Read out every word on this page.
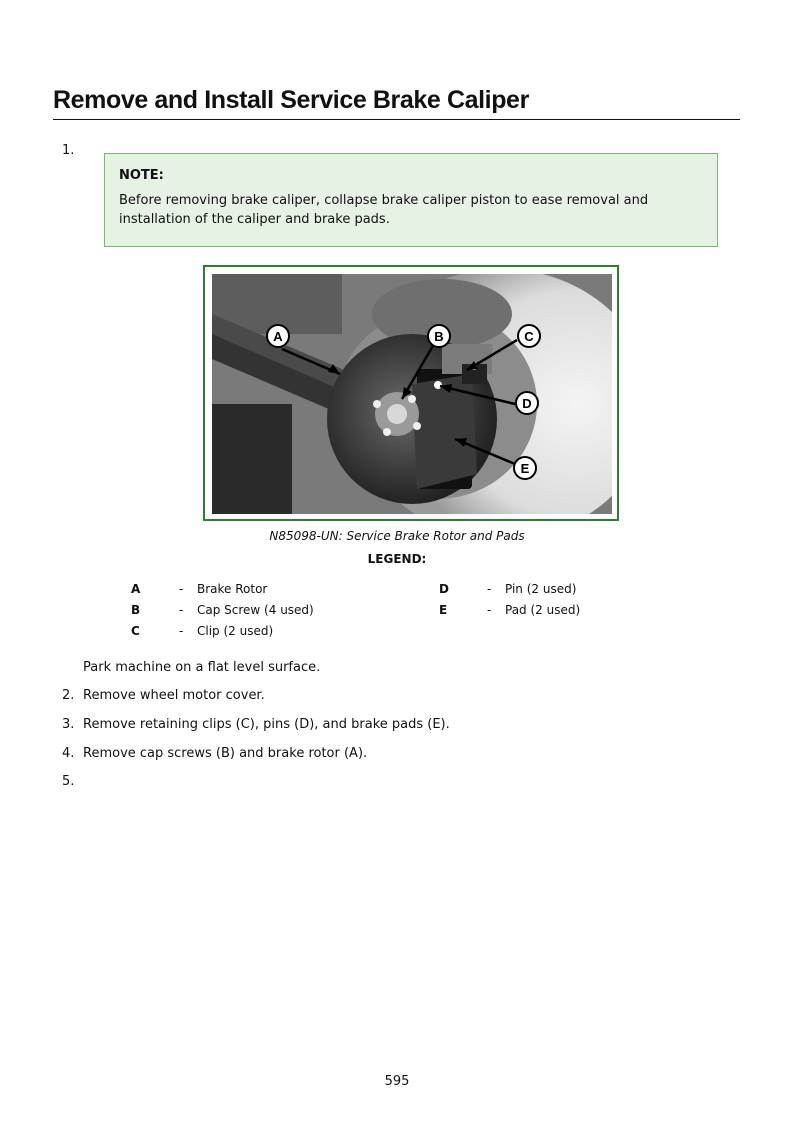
Remove and Install Service Brake Caliper
1.
NOTE:
Before removing brake caliper, collapse brake caliper piston to ease removal and installation of the caliper and brake pads.
A	B	C
D
E
N85098-UN: Service Brake Rotor and Pads
LEGEND:
A	- Brake Rotor
B	- Cap Screw (4 used)
C	- Clip (2 used)
D	- Pin (2 used)
E	- Pad (2 used)
Park machine on a flat level surface.
2. Remove wheel motor cover.
3. Remove retaining clips (C), pins (D), and brake pads (E).
4. Remove cap screws (B) and brake rotor (A).
5.
595
